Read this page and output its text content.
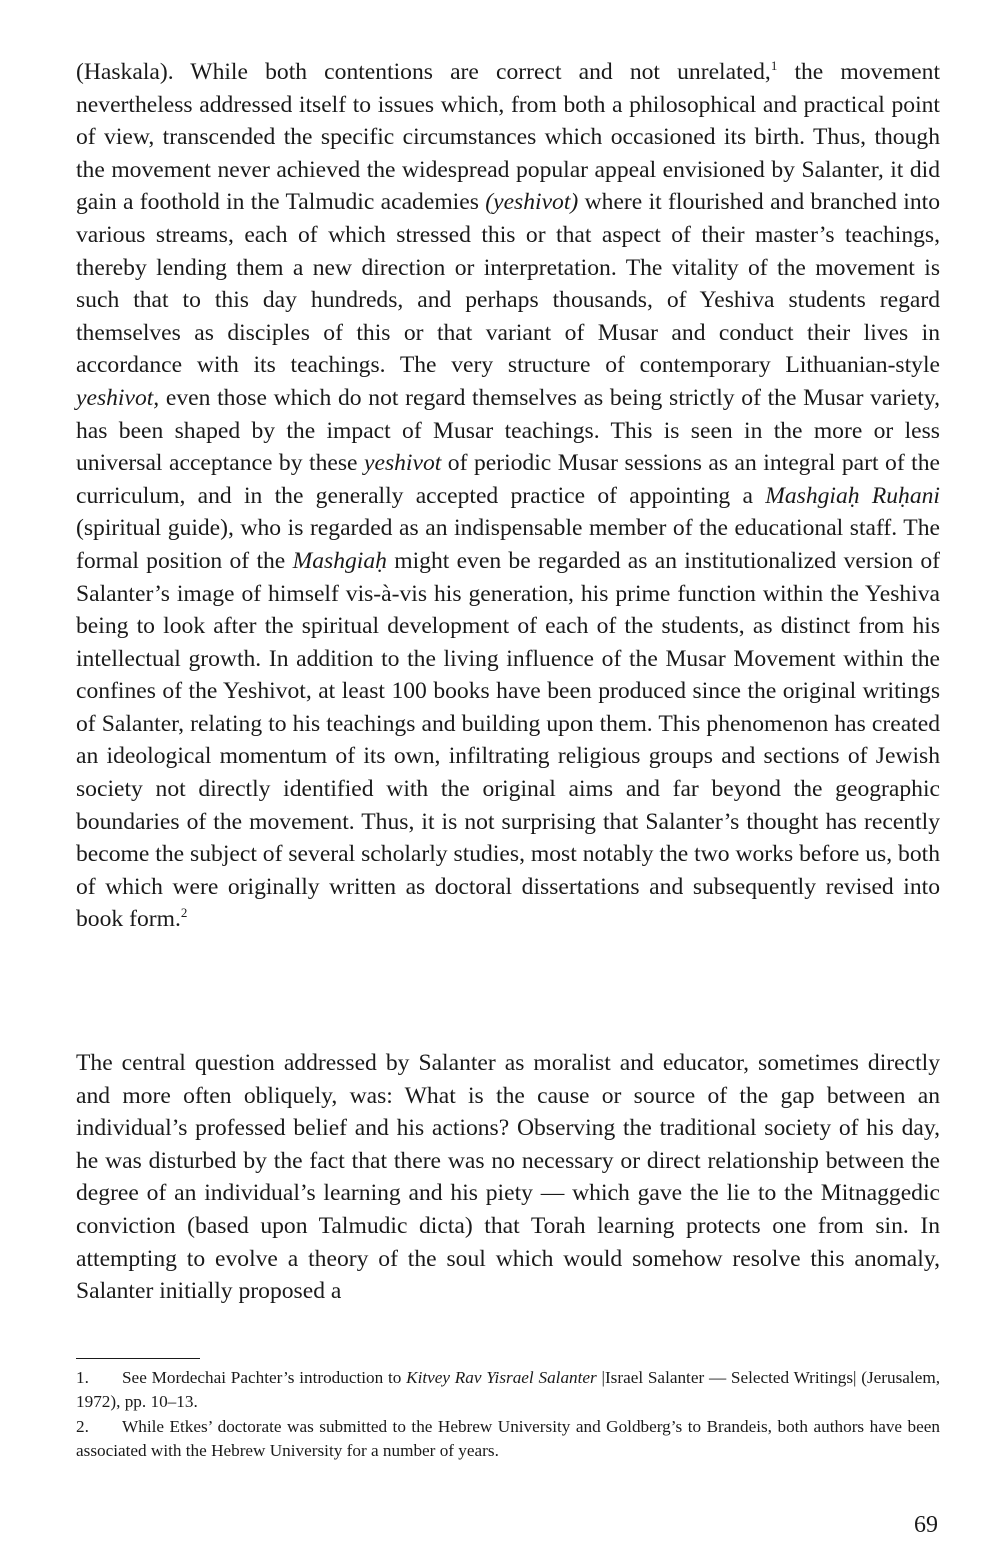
(Haskala). While both contentions are correct and not unrelated,$^1$ the movement nevertheless addressed itself to issues which, from both a philosophical and practical point of view, transcended the specific circumstances which occasioned its birth. Thus, though the movement never achieved the widespread popular appeal envisioned by Salanter, it did gain a foothold in the Talmudic academies (yeshivot) where it flourished and branched into various streams, each of which stressed this or that aspect of their master’s teachings, thereby lending them a new direction or interpretation. The vitality of the movement is such that to this day hundreds, and perhaps thousands, of Yeshiva students regard themselves as disciples of this or that variant of Musar and conduct their lives in accordance with its teachings. The very structure of contemporary Lithuanian-style yeshivot, even those which do not regard themselves as being strictly of the Musar variety, has been shaped by the impact of Musar teachings. This is seen in the more or less universal acceptance by these yeshivot of periodic Musar sessions as an integral part of the curriculum, and in the generally accepted practice of appointing a Mashgiaḥ Ruḥani (spiritual guide), who is regarded as an indispensable member of the educational staff. The formal position of the Mashgiaḥ might even be regarded as an institutionalized version of Salanter’s image of himself vis-à-vis his generation, his prime function within the Yeshiva being to look after the spiritual development of each of the students, as distinct from his intellectual growth. In addition to the living influence of the Musar Movement within the confines of the Yeshivot, at least 100 books have been produced since the original writings of Salanter, relating to his teachings and building upon them. This phenomenon has created an ideological momentum of its own, infiltrating religious groups and sections of Jewish society not directly identified with the original aims and far beyond the geographic boundaries of the movement. Thus, it is not surprising that Salanter’s thought has recently become the subject of several scholarly studies, most notably the two works before us, both of which were originally written as doctoral dissertations and subsequently revised into book form.$^2$

The central question addressed by Salanter as moralist and educator, sometimes directly and more often obliquely, was: What is the cause or source of the gap between an individual’s professed belief and his actions? Observing the traditional society of his day, he was disturbed by the fact that there was no necessary or direct relationship between the degree of an individual’s learning and his piety — which gave the lie to the Mitnaggedic conviction (based upon Talmudic dicta) that Torah learning protects one from sin. In attempting to evolve a theory of the soul which would somehow resolve this anomaly, Salanter initially proposed a

1. See Mordechai Pachter’s introduction to Kitvey Rav Yisrael Salanter |Israel Salanter — Selected Writings| (Jerusalem, 1972), pp. 10–13.

2. While Etkes’ doctorate was submitted to the Hebrew University and Goldberg’s to Brandeis, both authors have been associated with the Hebrew University for a number of years.

69
